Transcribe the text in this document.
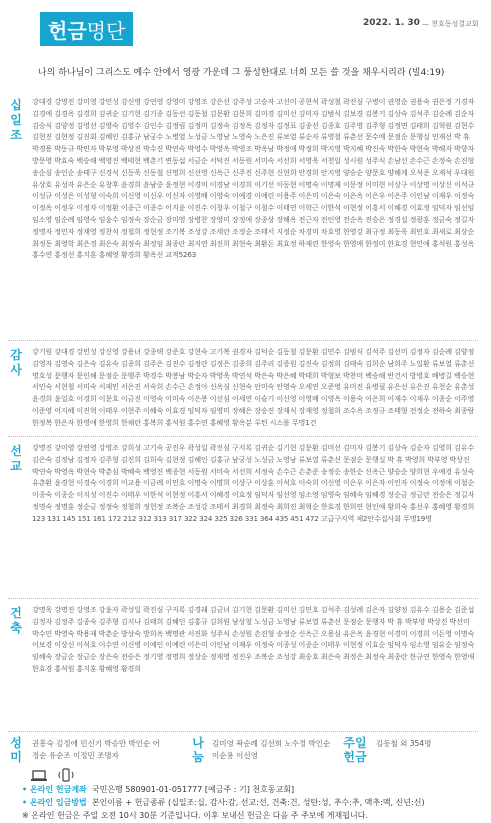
헌금 명단	2022. 1. 30 — 천호동성결교회
나의 하나님이 그리스도 예수 안에서 영광 가운데 그 풍성한대로 너희 모든 쓸 것을 채우시리라 (빌4:19)
십일조
강대경 강명진 강미영 강민성 강신영 강연영 강영미 강영조 강은선 강주성 고승자 고선미 공현석 곽성철 곽진심 구병이 권영순 권용숙 권은정 기경자 김경애 김경옥 김경희 김귀순 김기현 김기종 김동선 김동철 김문환 김문희 김미경 김미선 김미자 김범식 김보경 김봉기 김상숙 김석주 김순례 김순자 김승식 김양정 김영선 김영숙 김영수 김인수 김정림 김정미 김정숙 김정옥 김정자 김정표 김종선 김종호 김주영 김주형 김정면 김태희 김혁원 김현수 김현진 김현정 김진회 김혜인 김홍규 남궁수 노병열 노성금 노영남 노영숙 노은진 류보열 류순자 류영철 류춘선 문수예 문점순 문행실 민재선 박 휴 박경용 박동규 박민자 박부영 박상진 박수진 박연숙 박영수 박영옥 박영조 박옥남 박정애 박정희 박지영 박지혜 박진숙 박한숙 박현숙 박해자 박향자 방문영 박효숙 백승해 백영진 백태현 백춘기 변동섭 서금순 서덕진 서동원 서미숙 서선희 서영욱 서천일 성시원 성주식 손남선 손수근 손정숙 손진형 송순심 송인순 송태구 신경석 신동욱 신동철 신명희 신선영 신옥근 신주진 신주현 신현희 안경희 안지영 양승순 양문호 양혜계 오석준 오재석 우대원 유상호 유성자 유은순 유창후 윤경희 윤남중 윤정현 이경미 이경남 이경희 이기선 이동현 이명숙 이명재 이문정 이미현 이상구 이상명 이상신 이석규 이성규 이성은 이성형 이숙희 이신영 이신우 이신자 이영배 이영숙 이예경 이예린 이용주 이은미 이은숙 이은옥 이은우 이은주 이인남 이재우 이정숙 이정옥 이정우 이정자 이정환 이종근 이종수 이지윤 이진수 이창우 이철구 이철수 이태연 이학근 이한석 이현정 이흥서 이혜경 이효정 임덕자 임선임 임소영 임순례 임영숙 임윤수 임정숙 장순금 장미영 장병찬 장영미 장정애 장종상 장해옥 전근자 전인영 전순옥 전승은 정경섭 정광훈 정금숙 정길자 정명자 정민자 정재영 정찬석 정철희 정현정 조기복 조성강 조세란 조정순 조태서 지정순 차경미 차호영 한영강 최규정 최동욱 최민호 최새로 최상순 최정동 최영학 최은경 최은숙 최정숙 최정임 최종란 최지연 최진희 최현숙 최환돈 최효정 하재련 한영숙 한영애 한정미 한효경 현인애 홍석원 홍성옥 홍수연 홍정선 홍지훈 홍혜영 황경희 황옥선 교적5263
감사
강기원 강대경 강민성 강신영 강용녀 강종택 강준호 강현숙 고기복 권경자 김덕순 김동철 김문환 김민수 김범식 김석주 김선미 김정자 김순례 김양정 김영자 김영숙 김은숙 김유숙 김종희 김주은 김진수 김정란 김정은 김종희 김주리 김증원 김진숙 김정희 김태숙 김희순 남희주 노일환 류보열 류춘선 명호성 문행자 문인해 문점순 문행주 박경수 박봉남 박순자 박영욱 박연석 박은숙 박은혜 박태희 박형보 박찬미 백승해 반건서 방영호 배병길 백승현 서민숙 서현철 서미숙 서재민 서은진 서숙희 손수근 손정아 신옥심 신현숙 안미숙 안영숙 오세연 오준영 유미진 유병필 유은선 유은진 유천순 유춘성 윤경희 윤일호 이경희 이문호 이금진 이영숙 이미숙 이은봉 이선심 이세연 이슬기 이신영 이영배 이영옥 이용숙 이은희 이재수 이재우 이종순 이주영 이준영 이지혜 이진혁 이태우 이현주 이혜숙 이효경 임덕자 임영미 장혜은 장승진 장재식 장재영 정철희 조수옥 조정규 조태형 전정순 전하숙 최종람 한정복 한은자 한영애 한영희 한채란 홍복희 홍석원 홍수연 홍혜영 황옥분 루틴 시스몰 무명1건
선교
강명진 강미영 강연영 강영조 강희성 고기숙 공진우 곽성일 곽진심 구지록 김귀순 김기현 김문환 김미선 김미자 김봉기 김상숙 김순자 김영희 김유수 김은숙 김정남 김정자 김주형 김진희 김희숙 김현정 김혜인 김홍규 남궁성 노성금 노영남 류보열 류춘선 문점순 문행실 박 휴 박영희 박부영 박상진 박연숙 박영옥 박현숙 박춘심 박혜숙 백영진 백종현 서동원 서미숙 서선희 서정숙 손수근 손춘준 송정순 송한순 신옥근 양승순 양희현 우예경 유성숙 유춘환 윤경현 이경숙 이경희 이교용 이금례 이민호 이명숙 이명희 이상구 이상훈 이석호 이숙희 이신영 이은우 이은자 이인자 이정숙 이정애 이철순 이종숙 이종순 이지성 이진수 이태우 이한석 이현정 이흥서 이혜경 이효정 임덕자 임선영 임소영 임영숙 임혜숙 임혜경 장순금 정금란 전승은 정길자 정명숙 정명훈 정순금 정정숙 정철희 정헌정 조복순 조성강 조태서 최경희 최정숙 최희진 최혁순 한효경 한희연 현인애 황희숙 홍선우 홍혜영 황경희 123 131 145 151 161 172 212 312 313 317 322 324 325 326 331 364 435 451 472 고급구지역 제2안수집사회 무명19명
건축
강명욱 강명진 강영조 강윤자 곽성일 곽진심 구지록 김경래 김금녀 김기현 김문환 김미선 김민호 김석주 김성례 김은자 김양정 김유수 김용순 김준섭 김정자 김정주 김종숙 김주형 김지나 김태희 김혜인 김홍규 김희원 남상철 노성금 노영남 류보열 류춘선 문점순 문행자 박 휴 박부영 박상진 박선미 박수민 박영숙 박용재 박춘순 방상숙 방희옥 백명관 서진화 성주식 손성원 손진형 송정순 신옥근 오용심 유은옥 윤경현 이경미 이경희 이돈영 이명숙 이보경 이상신 이석호 이수연 이신영 이예인 이예린 이은미 이인남 이재우 이정숙 이종성 이종순 이태우 이현정 이효순 임덕자 임소영 임유순 임정숙 임혜숙 장금순 장금순 장은숙 전승은 정기영 정명희 정상순 정재영 정진우 조복순 조성강 최승호 최은숙 최정은 최정숙 최종란 한규연 한영숙 한영애 한효경 홍석원 홍지훈 황혜영 황경희
성미
권흥숙 김정애 민신기 박승만 박인순 어정순 유순조 이정민 조명자
나눔
김미영 곽순례 김선희 노수정 박인순 이순용 이신영
주일헌금
김동철 외 354명
• 온라인 헌금계좌 국민은행 580901-01-051777 [예금주 : 기] 천호동교회]
• 온라인 입금방법 본인이름 + 헌금종류 (십일조:십, 감사:감, 선교:선, 건축:건, 성탄:성, 추수:추, 맥추:맥, 신년:신)
※ 온라인 헌금은 주일 오전 10시 30분 기준입니다. 이후 보내신 헌금은 다음 주 주보에 게재됩니다.
